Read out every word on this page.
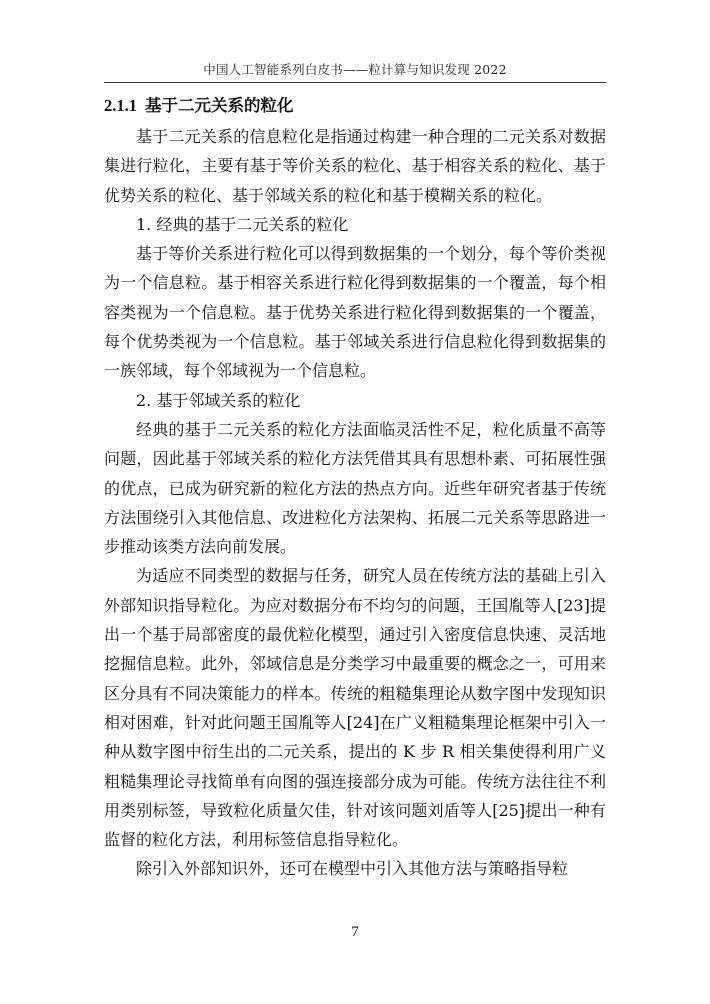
中国人工智能系列白皮书——粒计算与知识发现 2022
2.1.1 基于二元关系的粒化

基于二元关系的信息粒化是指通过构建一种合理的二元关系对数据集进行粒化，主要有基于等价关系的粒化、基于相容关系的粒化、基于优势关系的粒化、基于邻域关系的粒化和基于模糊关系的粒化。

1. 经典的基于二元关系的粒化

基于等价关系进行粒化可以得到数据集的一个划分，每个等价类视为一个信息粒。基于相容关系进行粒化得到数据集的一个覆盖，每个相容类视为一个信息粒。基于优势关系进行粒化得到数据集的一个覆盖，每个优势类视为一个信息粒。基于邻域关系进行信息粒化得到数据集的一族邻域，每个邻域视为一个信息粒。

2. 基于邻域关系的粒化

经典的基于二元关系的粒化方法面临灵活性不足，粒化质量不高等问题，因此基于邻域关系的粒化方法凭借其具有思想朴素、可拓展性强的优点，已成为研究新的粒化方法的热点方向。近些年研究者基于传统方法围绕引入其他信息、改进粒化方法架构、拓展二元关系等思路进一步推动该类方法向前发展。

为适应不同类型的数据与任务，研究人员在传统方法的基础上引入外部知识指导粒化。为应对数据分布不均匀的问题，王国胤等人[23]提出一个基于局部密度的最优粒化模型，通过引入密度信息快速、灵活地挖掘信息粒。此外，邻域信息是分类学习中最重要的概念之一，可用来区分具有不同决策能力的样本。传统的粗糙集理论从数字图中发现知识相对困难，针对此问题王国胤等人[24]在广义粗糙集理论框架中引入一种从数字图中衍生出的二元关系，提出的 K 步 R 相关集使得利用广义粗糙集理论寻找简单有向图的强连接部分成为可能。传统方法往往不利用类别标签，导致粒化质量欠佳，针对该问题刘盾等人[25]提出一种有监督的粒化方法，利用标签信息指导粒化。

除引入外部知识外，还可在模型中引入其他方法与策略指导粒

7
